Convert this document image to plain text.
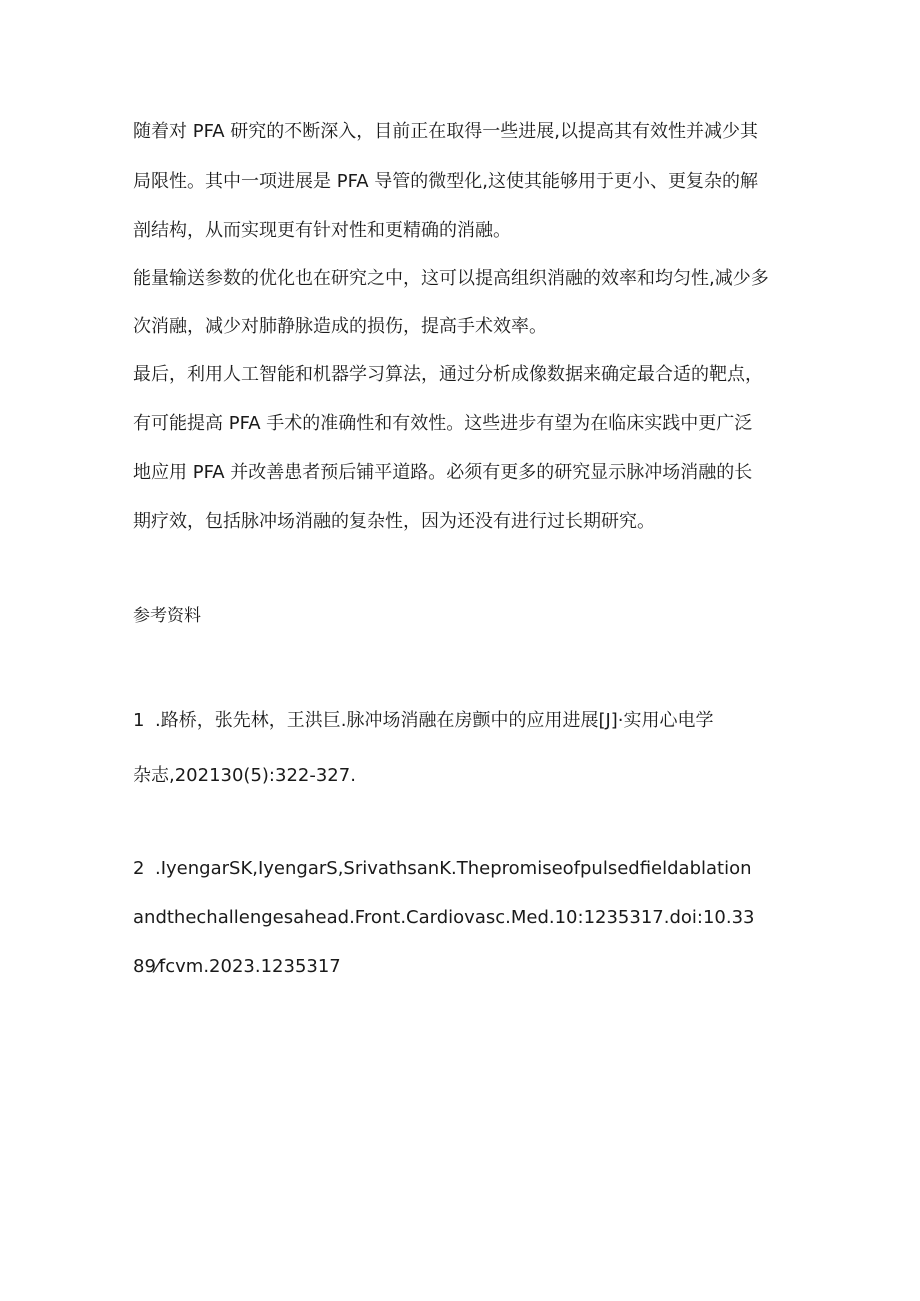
随着对 PFA 研究的不断深入，目前正在取得一些进展,以提高其有效性并减少其
局限性。其中一项进展是 PFA 导管的微型化,这使其能够用于更小、更复杂的解
剖结构，从而实现更有针对性和更精确的消融。
能量输送参数的优化也在研究之中，这可以提高组织消融的效率和均匀性,减少多
次消融，减少对肺静脉造成的损伤，提高手术效率。
最后，利用人工智能和机器学习算法，通过分析成像数据来确定最合适的靶点，
有可能提高 PFA 手术的准确性和有效性。这些进步有望为在临床实践中更广泛
地应用 PFA 并改善患者预后铺平道路。必须有更多的研究显示脉冲场消融的长
期疗效，包括脉冲场消融的复杂性，因为还没有进行过长期研究。
参考资料
1 .路桥，张先林，王洪巨.脉冲场消融在房颤中的应用进展[J]·实用心电学
杂志,202130(5):322-327.
2 .IyengarSK,IyengarS,SrivathsanK.Thepromiseofpulsedfieldablation
andthechallengesahead.Front.Cardiovasc.Med.10:1235317.doi:10.33
89⁄fcvm.2023.1235317
